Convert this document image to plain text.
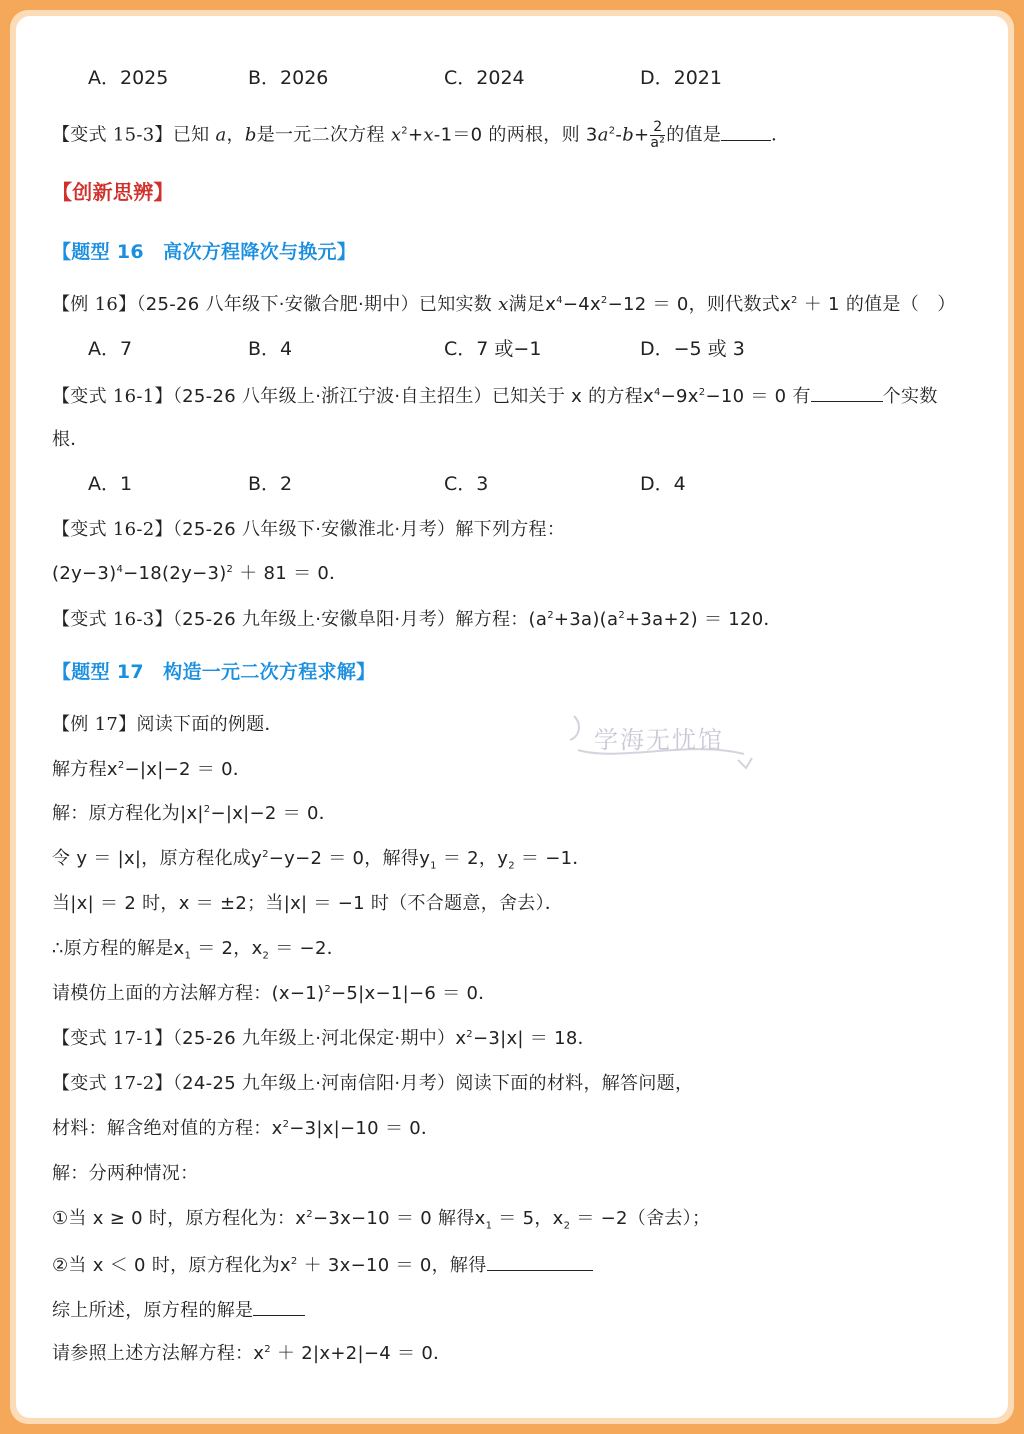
A．2025	B．2026	C．2024	D．2021
【变式 15-3】已知 a，b是一元二次方程 $x^2+x-1=0$ 的两根，则 $3a^2-b+ \frac{2}{\text{a²}}$ 的值是	．
【创新思辨】
【题型 16　高次方程降次与换元】
【例 16】（25-26 八年级下·安徽合肥·期中）已知实数 x满足$x^4-4x^2-12 = 0$，则代数式$x^2 + 1$ 的值是（　）
A．7	B．4	C．7 或−1	D．−5 或 3
【变式 16-1】（25-26 八年级上·浙江宁波·自主招生）已知关于 x 的方程$x^4-9x^2-10 = 0$ 有	个实数
根．
A．1	B．2	C．3	D．4
【变式 16-2】（25-26 八年级下·安徽淮北·月考）解下列方程：
$(2y-3)^4-18(2y-3)^2 + 81 = 0$．
【变式 16-3】（25-26 九年级上·安徽阜阳·月考）解方程：$(a^2+3a)(a^2+3a+2) = 120$．
【题型 17　构造一元二次方程求解】
【例 17】阅读下面的例题．
解方程$x^2-|x|-2 = 0$．
解：原方程化为$|x|^2-|x|-2 = 0$．
令 y ＝ |x|，原方程化成$y^2-y-2 = 0$，解得$y_1 = 2$，$y_2 = -1$．
当|x| ＝ 2 时，x ＝ ±2；当|x| ＝ −1 时（不合题意，舍去）．
∴原方程的解是$x_1 = 2$，$x_2 = -2$．
请模仿上面的方法解方程：$(x-1)^2-5|x-1|-6 = 0$．
【变式 17-1】（25-26 九年级上·河北保定·期中）$x^2-3|x| = 18$．
【变式 17-2】（24-25 九年级上·河南信阳·月考）阅读下面的材料，解答问题，
材料：解含绝对值的方程：$x^2-3|x|-10 = 0$．
解：分两种情况：
①当 x ≥ 0 时，原方程化为：$x^2-3x-10 = 0$ 解得$x_1 = 5$，$x_2 = -2$（舍去）；
②当 x ＜ 0 时，原方程化为$x^2 + 3x-10 = 0$，解得
综上所述，原方程的解是
请参照上述方法解方程：$x^2 + 2|x+2|-4 = 0$．
学海无忧馆
